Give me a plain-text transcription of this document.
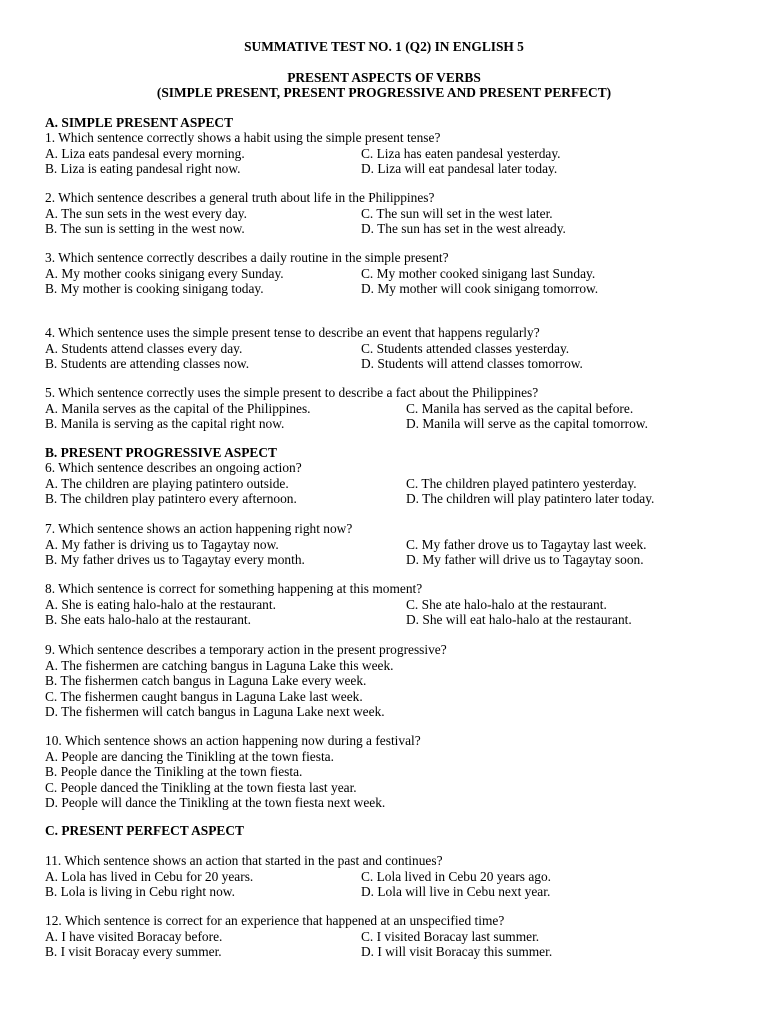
SUMMATIVE TEST NO. 1 (Q2) IN ENGLISH 5
PRESENT ASPECTS OF VERBS
(SIMPLE PRESENT, PRESENT PROGRESSIVE AND PRESENT PERFECT)
A. SIMPLE PRESENT ASPECT

1. Which sentence correctly shows a habit using the simple present tense?

A. Liza eats pandesal every morning.	C. Liza has eaten pandesal yesterday.
B. Liza is eating pandesal right now.	D. Liza will eat pandesal later today.

2. Which sentence describes a general truth about life in the Philippines?

A. The sun sets in the west every day.	C. The sun will set in the west later.
B. The sun is setting in the west now.	D. The sun has set in the west already.

3. Which sentence correctly describes a daily routine in the simple present?

A. My mother cooks sinigang every Sunday.	C. My mother cooked sinigang last Sunday.
B. My mother is cooking sinigang today.	D. My mother will cook sinigang tomorrow.

4. Which sentence uses the simple present tense to describe an event that happens regularly?

A. Students attend classes every day.	C. Students attended classes yesterday.
B. Students are attending classes now.	D. Students will attend classes tomorrow.

5. Which sentence correctly uses the simple present to describe a fact about the Philippines?

A. Manila serves as the capital of the Philippines.	C. Manila has served as the capital before.
B. Manila is serving as the capital right now.	D. Manila will serve as the capital tomorrow.
B. PRESENT PROGRESSIVE ASPECT

6. Which sentence describes an ongoing action?

A. The children are playing patintero outside.	C. The children played patintero yesterday.
B. The children play patintero every afternoon.	D. The children will play patintero later today.

7. Which sentence shows an action happening right now?

A. My father is driving us to Tagaytay now.	C. My father drove us to Tagaytay last week.
B. My father drives us to Tagaytay every month.	D. My father will drive us to Tagaytay soon.

8. Which sentence is correct for something happening at this moment?

A. She is eating halo-halo at the restaurant.	C. She ate halo-halo at the restaurant.
B. She eats halo-halo at the restaurant.	D. She will eat halo-halo at the restaurant.

9. Which sentence describes a temporary action in the present progressive?

A. The fishermen are catching bangus in Laguna Lake this week.

B. The fishermen catch bangus in Laguna Lake every week.

C. The fishermen caught bangus in Laguna Lake last week.

D. The fishermen will catch bangus in Laguna Lake next week.

10. Which sentence shows an action happening now during a festival?

A. People are dancing the Tinikling at the town fiesta.

B. People dance the Tinikling at the town fiesta.

C. People danced the Tinikling at the town fiesta last year.

D. People will dance the Tinikling at the town fiesta next week.

C. PRESENT PERFECT ASPECT

11. Which sentence shows an action that started in the past and continues?

A. Lola has lived in Cebu for 20 years.	C. Lola lived in Cebu 20 years ago.
B. Lola is living in Cebu right now.	D. Lola will live in Cebu next year.

12. Which sentence is correct for an experience that happened at an unspecified time?

A. I have visited Boracay before.	C. I visited Boracay last summer.
B. I visit Boracay every summer.	D. I will visit Boracay this summer.
